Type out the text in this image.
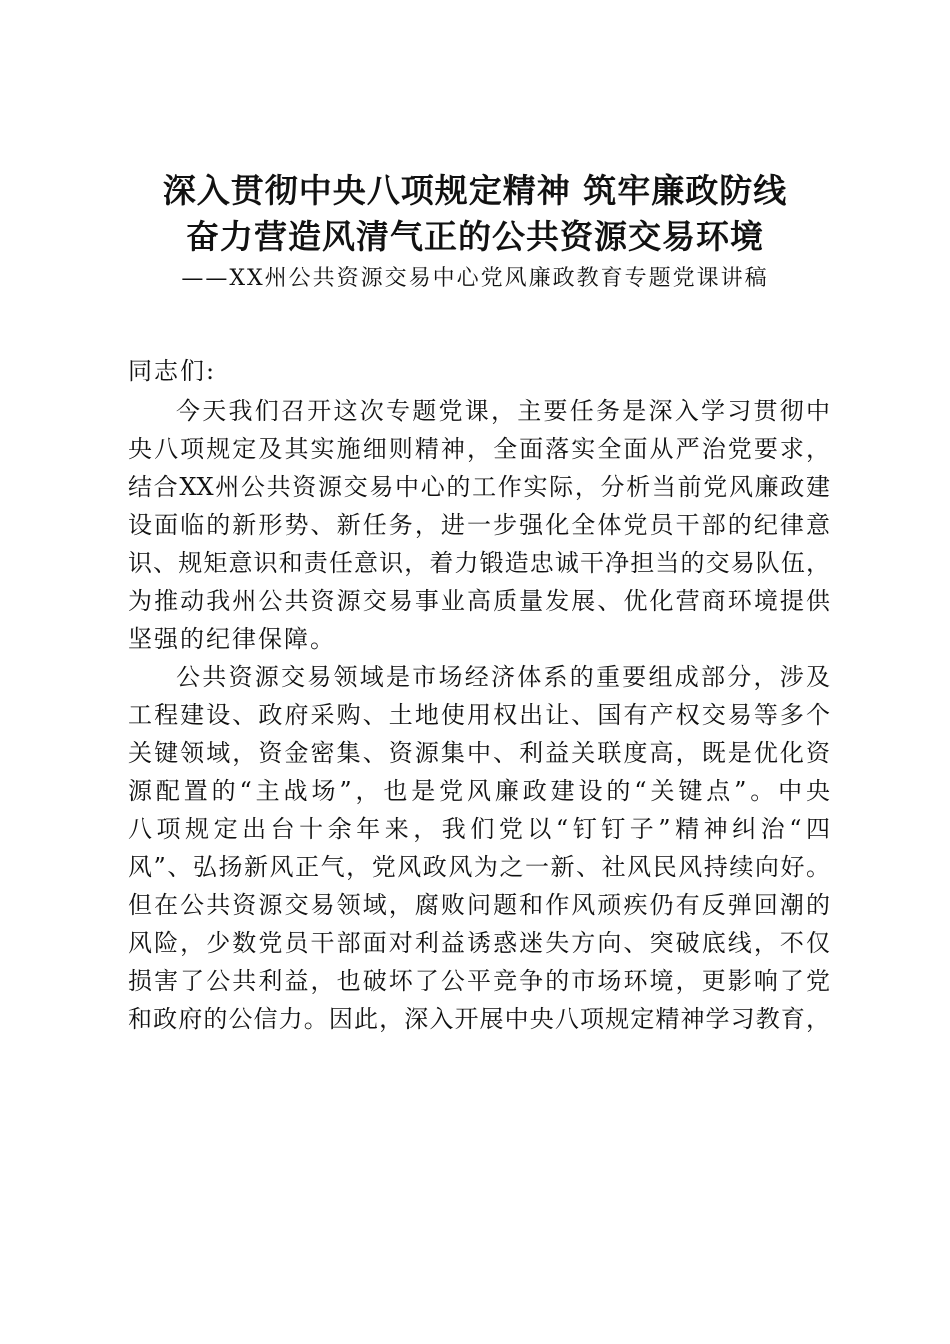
深入贯彻中央八项规定精神 筑牢廉政防线
奋力营造风清气正的公共资源交易环境
——XX州公共资源交易中心党风廉政教育专题党课讲稿
同志们:
今天我们召开这次专题党课，主要任务是深入学习贯彻中
央八项规定及其实施细则精神，全面落实全面从严治党要求，
结合XX州公共资源交易中心的工作实际，分析当前党风廉政建
设面临的新形势、新任务，进一步强化全体党员干部的纪律意
识、规矩意识和责任意识，着力锻造忠诚干净担当的交易队伍，
为推动我州公共资源交易事业高质量发展、优化营商环境提供
坚强的纪律保障。
公共资源交易领域是市场经济体系的重要组成部分，涉及
工程建设、政府采购、土地使用权出让、国有产权交易等多个
关键领域，资金密集、资源集中、利益关联度高，既是优化资
源配置的“主战场”，也是党风廉政建设的“关键点”。中央
八项规定出台十余年来，我们党以“钉钉子”精神纠治“四
风”、弘扬新风正气，党风政风为之一新、社风民风持续向好。
但在公共资源交易领域，腐败问题和作风顽疾仍有反弹回潮的
风险，少数党员干部面对利益诱惑迷失方向、突破底线，不仅
损害了公共利益，也破坏了公平竞争的市场环境，更影响了党
和政府的公信力。因此，深入开展中央八项规定精神学习教育，
